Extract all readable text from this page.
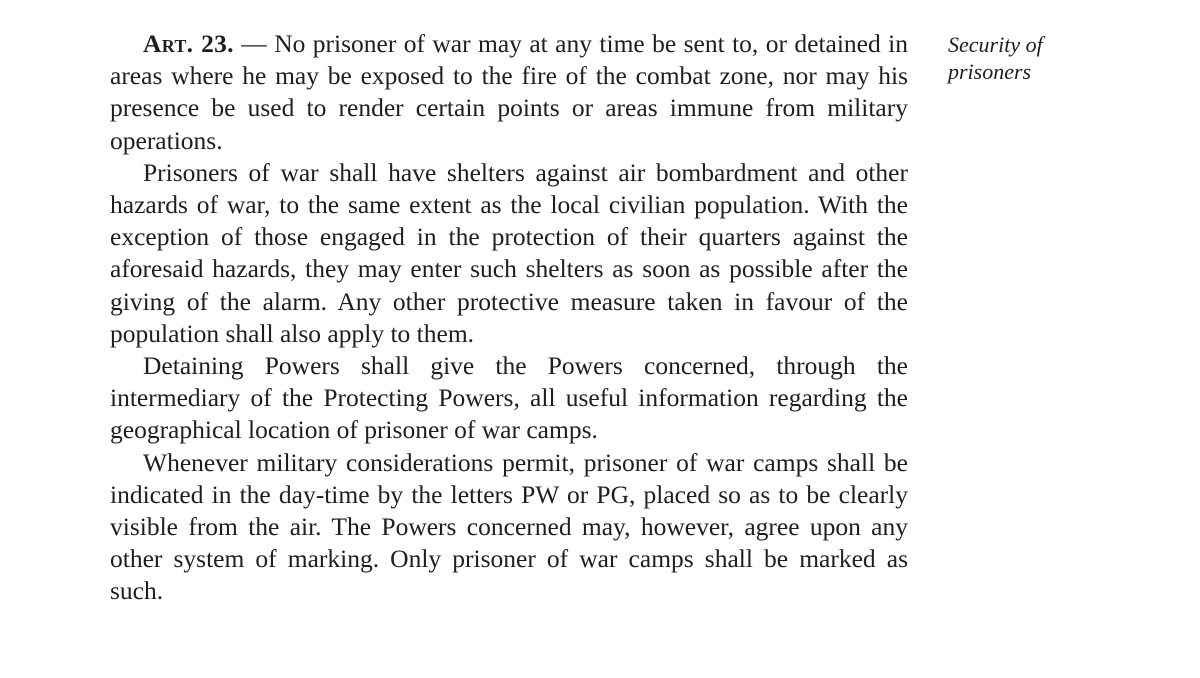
Art. 23. — No prisoner of war may at any time be sent to, or detained in areas where he may be exposed to the fire of the combat zone, nor may his presence be used to render certain points or areas immune from military operations.

Prisoners of war shall have shelters against air bombardment and other hazards of war, to the same extent as the local civilian population. With the exception of those engaged in the protection of their quarters against the aforesaid hazards, they may enter such shelters as soon as possible after the giving of the alarm. Any other protective measure taken in favour of the population shall also apply to them.

Detaining Powers shall give the Powers concerned, through the intermediary of the Protecting Powers, all useful information regarding the geographical location of prisoner of war camps.

Whenever military considerations permit, prisoner of war camps shall be indicated in the day-time by the letters PW or PG, placed so as to be clearly visible from the air. The Powers concerned may, however, agree upon any other system of marking. Only prisoner of war camps shall be marked as such.

Security of
prisoners
